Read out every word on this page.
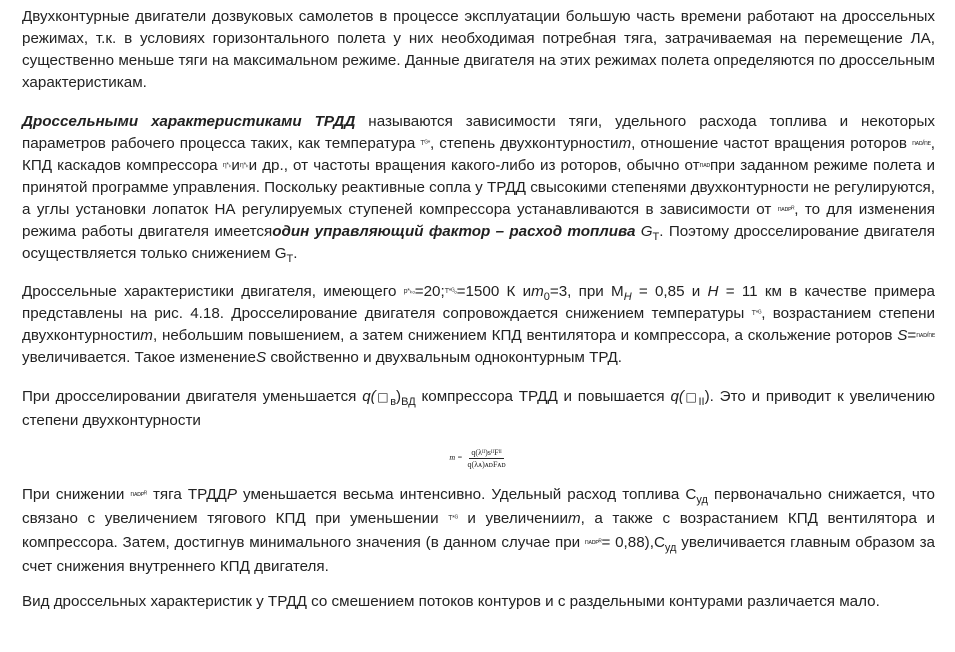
Двухконтурные двигатели дозвуковых самолетов в процессе эксплуатации большую часть времени работают на дроссельных режимах, т.к. в условиях горизонтального полета у них необходимая потребная тяга, затрачиваемая на перемещение ЛА, существенно меньше тяги на максимальном режиме. Данные двигателя на этих режимах полета определяются по дроссельным характеристикам.

Дроссельными характеристиками ТРДД называются зависимости тяги, удельного расхода топлива и некоторых параметров рабочего процесса таких, как температура Tᴳ*, степень двухконтурностиm, отношение частот вращения роторов nᴀᴅ/nᴇ, КПД каскадов компрессора η*ₖиη*ₖи др., от частоты вращения какого-либо из роторов, обычно отnᴀᴅпри заданном режиме полета и принятой программе управления. Поскольку реактивные сопла у ТРДД свысокими степенями двухконтурности не регулируются, а углы установки лопаток НА регулируемых ступеней компрессора устанавливаются в зависимости от nᴀᴅᴘᴿ, то для изменения режима работы двигателя имеетсяодин управляющий фактор – расход топлива $G_Т$. Поэтому дросселирование двигателя осуществляется только снижением $G_Т$.

Дроссельные характеристики двигателя, имеющего p*ₖₒ=20;T*ᴳₒ=1500 К $иm_0=3$, при $M_H = 0,85$ и H = 11 км в качестве примера представлены на рис. 4.18. Дросселирование двигателя сопровождается снижением температуры T*ᴳ, возрастанием степени двухконтурностиm, небольшим повышением, а затем снижением КПД вентилятора и компрессора, а скольжение роторов S=nᴀᴅ/nᴇ увеличивается. Такое изменениеS свойственно и двухвальным одноконтурным ТРД.

При дросселировании двигателя уменьшается $q(□_в)_{ВД}$ компрессора ТРДД и повышается $q(□_{II})$. Это и приводит к увеличению степени двухконтурности

$m = \frac{\text{q(λᴵᴵ)sᴵᴵFᴵᴵ}}{\text{q(λᴀ)ᴀᴅFᴀᴅ}}$

При снижении nᴀᴅᴘᴿ тяга ТРДДP уменьшается весьма интенсивно. Удельный расход топлива $C_{уд}$ первоначально снижается, что связано с увеличением тягового КПД при уменьшении T*ᴳ и увеличенииm, а также с возрастанием КПД вентилятора и компрессора. Затем, достигнув минимального значения (в данном случае при nᴀᴅᴘᴿ= $0,88),C_{уд}$ увеличивается главным образом за счет снижения внутреннего КПД двигателя.

Вид дроссельных характеристик у ТРДД со смешением потоков контуров и с раздельными контурами различается мало.
